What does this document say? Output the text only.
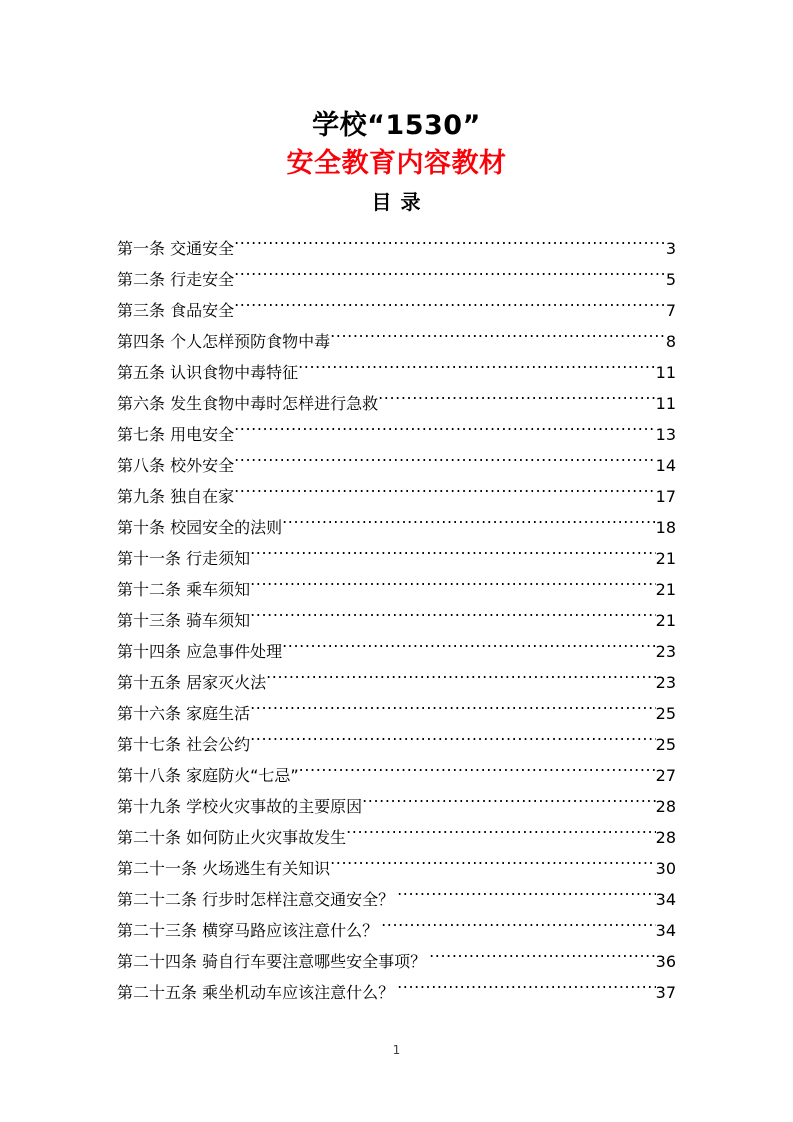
学校“1530”
安全教育内容教材
目 录
第一条 交通安全 .....	3
第二条 行走安全 .....	5
第三条 食品安全 .....	7
第四条 个人怎样预防食物中毒 .....	8
第五条 认识食物中毒特征 .....	11
第六条 发生食物中毒时怎样进行急救 .....	11
第七条 用电安全 .....	13
第八条 校外安全 .....	14
第九条 独自在家 .....	17
第十条 校园安全的法则 .....	18
第十一条 行走须知 .....	21
第十二条 乘车须知 .....	21
第十三条 骑车须知 .....	21
第十四条 应急事件处理 .....	23
第十五条 居家灭火法 .....	23
第十六条 家庭生活 .....	25
第十七条 社会公约 .....	25
第十八条 家庭防火“七忌” .....	27
第十九条 学校火灾事故的主要原因 .....	28
第二十条 如何防止火灾事故发生 .....	28
第二十一条 火场逃生有关知识 .....	30
第二十二条 行步时怎样注意交通安全？ .....	34
第二十三条 横穿马路应该注意什么？ .....	34
第二十四条 骑自行车要注意哪些安全事项？ .....	36
第二十五条 乘坐机动车应该注意什么？ .....	37
1
